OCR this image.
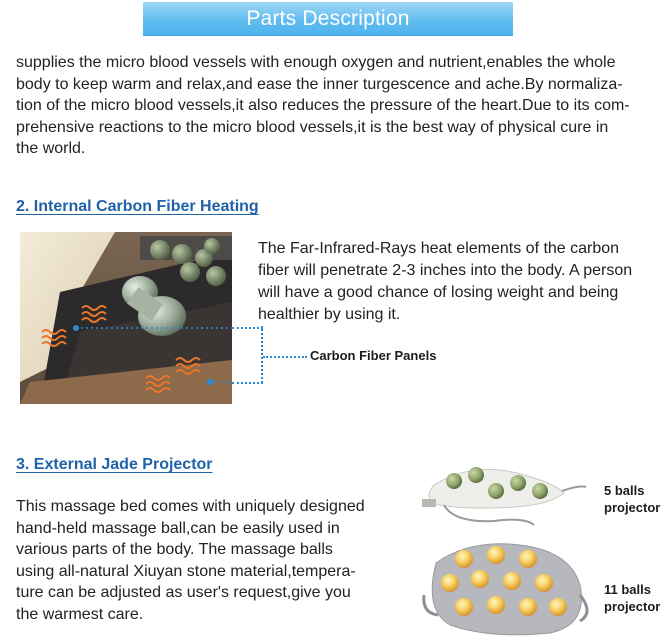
Parts Description
supplies the micro blood vessels with enough oxygen and nutrient,enables the whole
body to keep warm and relax,and ease the inner turgescence and ache.By normaliza-
tion of the micro blood vessels,it also reduces the pressure of the heart.Due to its com-
prehensive reactions to the micro blood vessels,it is the best way of physical cure in
the world.
2. Internal Carbon Fiber Heating
Carbon Fiber Panels
The Far-Infrared-Rays heat elements of the carbon
fiber will penetrate 2-3 inches into the body. A person
will have a good chance of losing weight and being
healthier by using it.
3. External Jade Projector
This massage bed comes with uniquely designed
hand-held massage ball,can be easily used in
various parts of the body. The massage balls
using all-natural Xiuyan stone material,tempera-
ture can be adjusted as user's request,give you
the warmest care.
5 balls
projector
11 balls
projector
